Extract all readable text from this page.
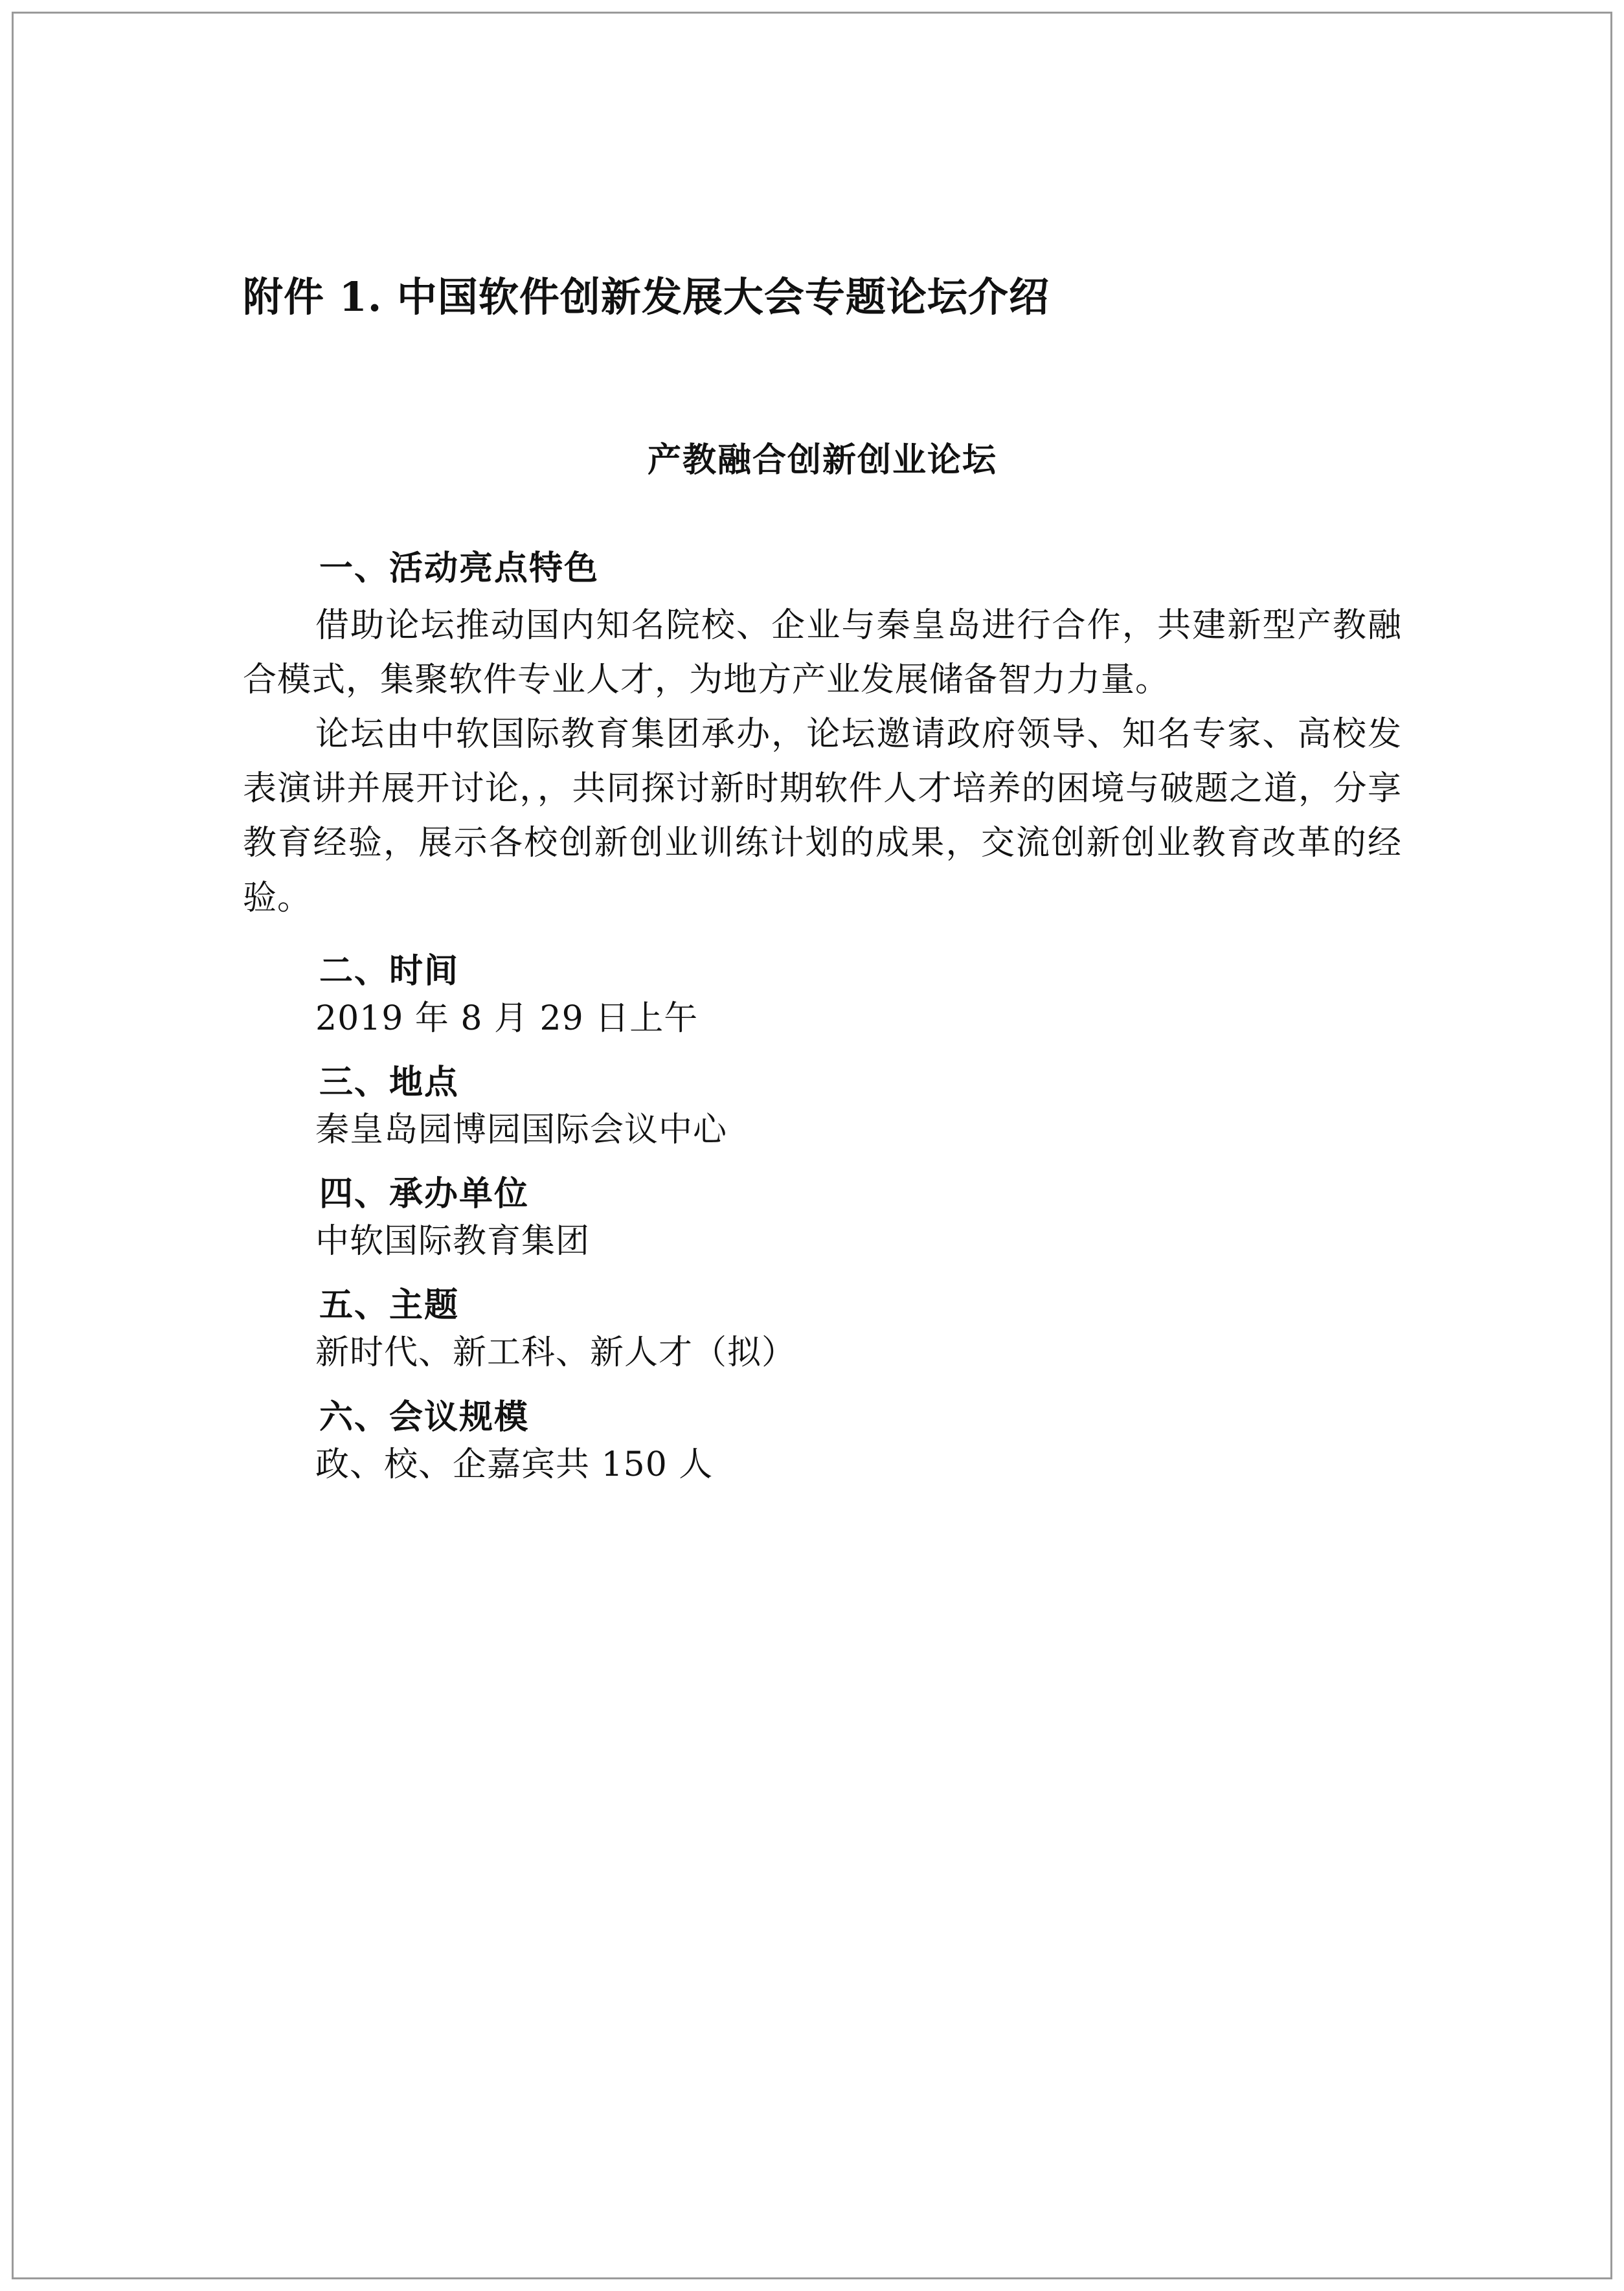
附件 1. 中国软件创新发展大会专题论坛介绍
产教融合创新创业论坛
一、活动亮点特色

借助论坛推动国内知名院校、企业与秦皇岛进行合作，共建新型产教融合模式，集聚软件专业人才，为地方产业发展储备智力力量。

论坛由中软国际教育集团承办，论坛邀请政府领导、知名专家、高校发表演讲并展开讨论，，共同探讨新时期软件人才培养的困境与破题之道，分享教育经验，展示各校创新创业训练计划的成果，交流创新创业教育改革的经验。

二、时间
2019 年 8 月 29 日上午
三、地点
秦皇岛园博园国际会议中心
四、承办单位
中软国际教育集团
五、主题
新时代、新工科、新人才（拟）
六、会议规模
政、校、企嘉宾共 150 人
